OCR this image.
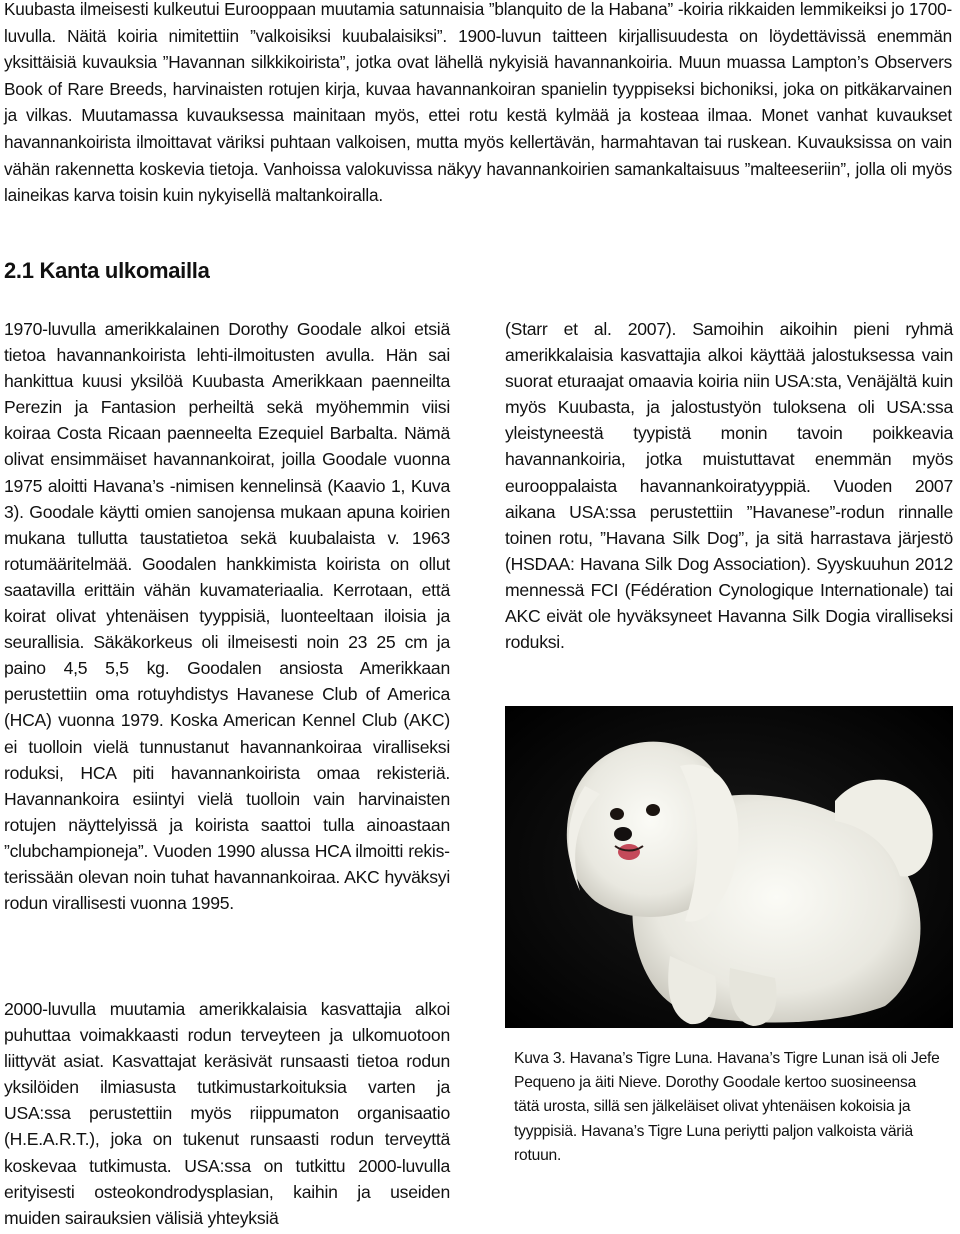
Kuubasta ilmeisesti kulkeutui Eurooppaan muutamia satunnaisia ”blanquito de la Habana” -koiria rikkaiden lemmikeiksi jo 1700-luvulla. Näitä koiria nimitettiin ”valkoisiksi kuubalaisiksi”. 1900-luvun taitteen kirjallisuudesta on löydettävissä enemmän yksittäisiä kuvauksia ”Havannan silkkikoirista”, jotka ovat lähellä nykyisiä havannankoiria. Muun muassa Lampton’s Observers Book of Rare Breeds, harvinaisten rotujen kirja, kuvaa havannankoiran spanielin tyyppiseksi bichoniksi, joka on pitkäkarvainen ja vilkas. Muutamassa kuvauksessa mainitaan myös, ettei rotu kestä kylmää ja kosteaa ilmaa. Monet vanhat kuvaukset havannankoirista ilmoittavat väriksi puhtaan valkoisen, mutta myös kellertävän, harmahtavan tai ruskean. Kuvauksissa on vain vähän rakennetta koskevia tietoja. Vanhoissa valokuvissa näkyy havannankoirien samankaltaisuus ”malteeseriin”, jolla oli myös laineikas karva toisin kuin nykyisellä maltankoiralla.

2.1 Kanta ulkomailla

1970-luvulla amerikkalainen Dorothy Goodale alkoi etsiä tietoa havannankoirista lehti-ilmoitusten avulla. Hän sai hankittua kuusi yksilöä Kuubasta Amerikkaan paenneilta Perezin ja Fantasion perheiltä sekä myöhemmin viisi koiraa Costa Ricaan paenneelta Ezequiel Barbalta. Nämä olivat ensimmäiset havannankoirat, joilla Goodale vuonna 1975 aloitti Havana’s -nimisen kennelinsä (Kaavio 1, Kuva 3). Goodale käytti omien sanojensa mukaan apuna koirien mukana tullutta taustatietoa sekä kuubalaista v. 1963 rotumääritelmää. Goodalen hankkimista koirista on ollut saatavilla erittäin vähän kuvamateriaalia. Kerrotaan, että koirat olivat yhtenäisen tyyppisiä, luonteeltaan iloisia ja seurallisia. Säkäkorkeus oli ilmeisesti noin 23 25 cm ja paino 4,5 5,5 kg. Goodalen ansiosta Amerikkaan perustettiin oma rotuyhdistys Havanese Club of America (HCA) vuonna 1979. Koska American Kennel Club (AKC) ei tuolloin vielä tunnustanut havannankoiraa viralliseksi roduksi, HCA piti havannankoirista omaa rekisteriä. Havannankoira esiintyi vielä tuolloin vain harvinaisten rotujen näyttelyissä ja koirista saattoi tulla ainoastaan ”clubchampioneja”. Vuoden 1990 alussa HCA ilmoitti rekisterissään olevan noin tuhat havannankoiraa. AKC hyväksyi rodun virallisesti vuonna 1995.

2000-luvulla muutamia amerikkalaisia kasvattajia alkoi puhuttaa voimakkaasti rodun terveyteen ja ulkomuotoon liittyvät asiat. Kasvattajat keräsivät runsaasti tietoa rodun yksilöiden ilmiasusta tutkimustarkoituksia varten ja USA:ssa perustettiin myös riippumaton organisaatio (H.E.A.R.T.), joka on tukenut runsaasti rodun terveyttä koskevaa tutkimusta. USA:ssa on tutkittu 2000-luvulla erityisesti osteokondrodysplasian, kaihin ja useiden muiden sairauksien välisiä yhteyksiä

(Starr et al. 2007). Samoihin aikoihin pieni ryhmä amerikkalaisia kasvattajia alkoi käyttää jalostuksessa vain suorat eturaajat omaavia koiria niin USA:sta, Venäjältä kuin myös Kuubasta, ja jalostustyön tuloksena oli USA:ssa yleistyneestä tyypistä monin tavoin poikkeavia havannankoiria, jotka muistuttavat enemmän myös eurooppalaista havannankoiratyyppiä. Vuoden 2007 aikana USA:ssa perustettiin ”Havanese”-rodun rinnalle toinen rotu, ”Havana Silk Dog”, ja sitä harrastava järjestö (HSDAA: Havana Silk Dog Association). Syyskuuhun 2012 mennessä FCI (Fédération Cynologique Internationale) tai AKC eivät ole hyväksyneet Havanna Silk Dogia viralliseksi roduksi.

Kuva 3. Havana’s Tigre Luna. Havana’s Tigre Lunan isä oli Jefe Pequeno ja äiti Nieve. Dorothy Goodale kertoo suosineensa tätä urosta, sillä sen jälkeläiset olivat yhtenäisen kokoisia ja tyyppisiä. Havana’s Tigre Luna periytti paljon valkoista väriä rotuun.
